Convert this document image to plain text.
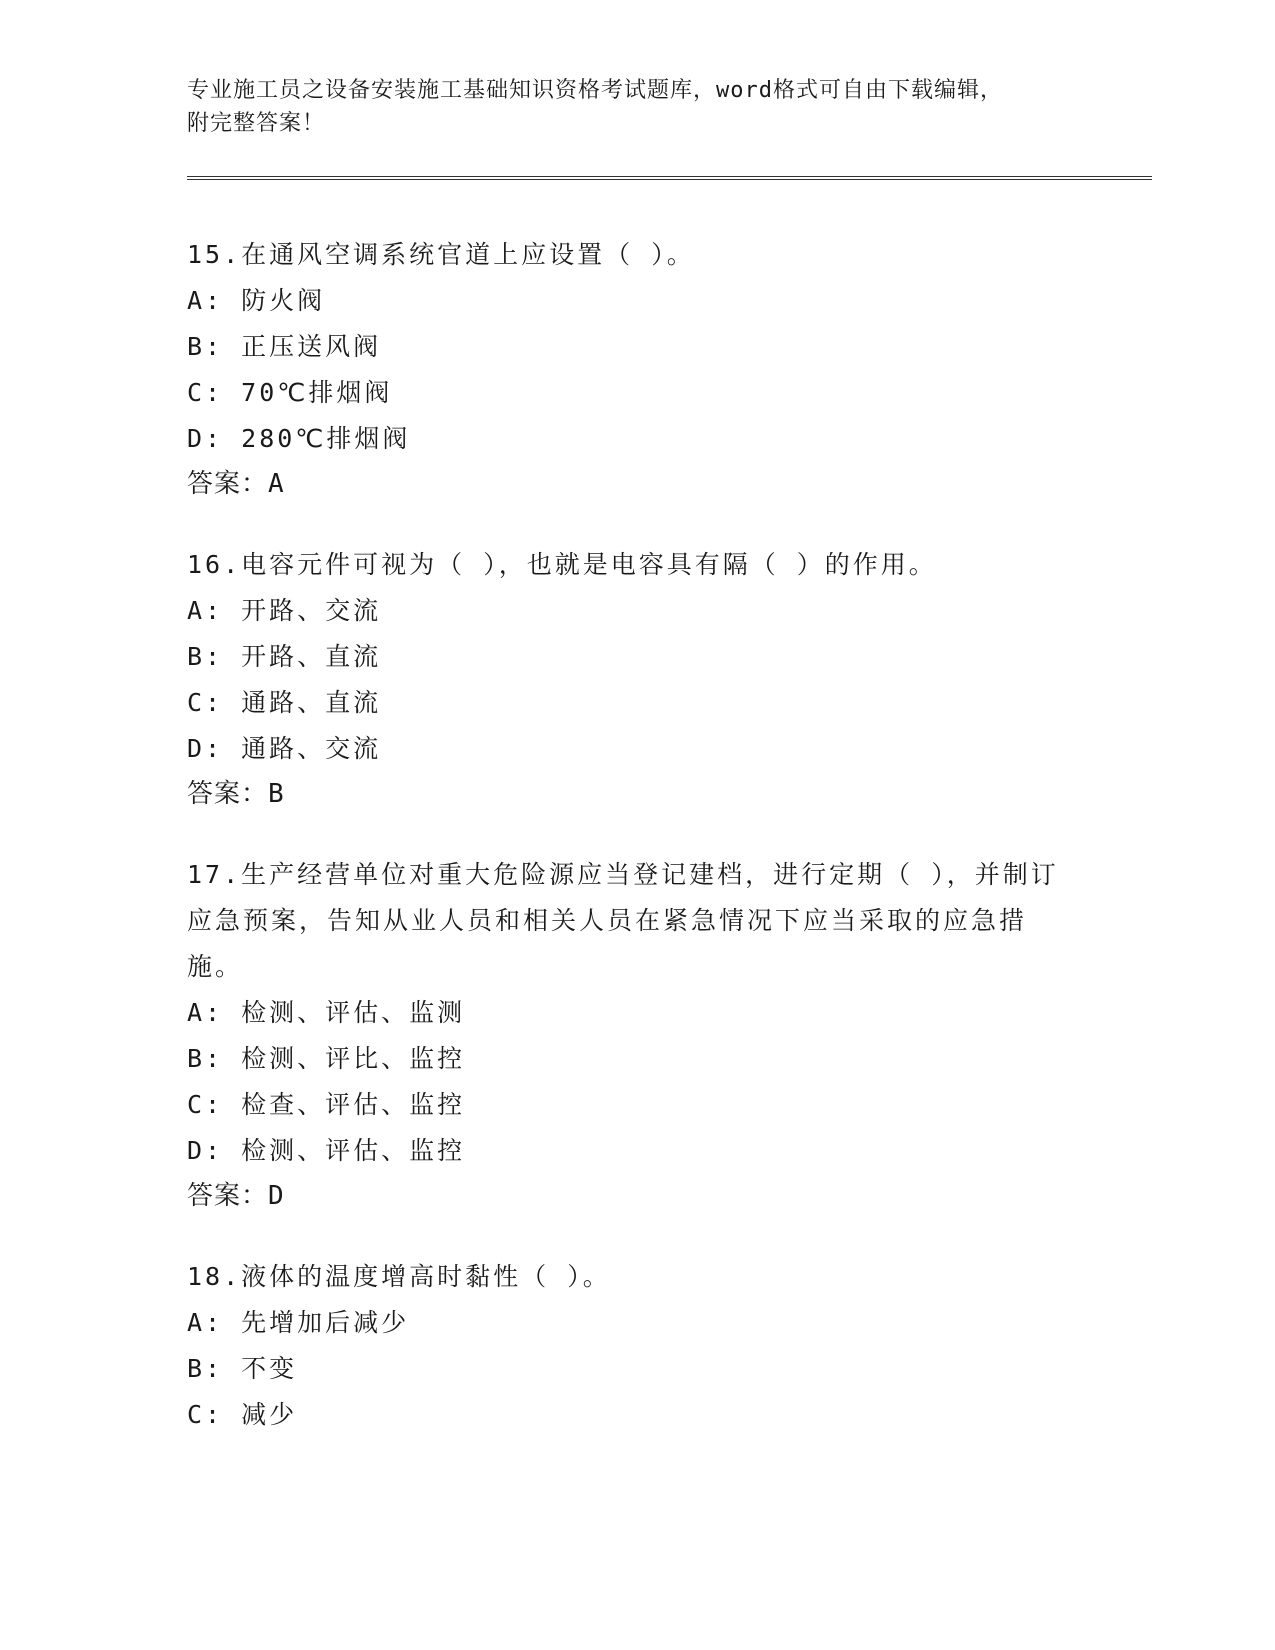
专业施工员之设备安装施工基础知识资格考试题库，word格式可自由下载编辑，
附完整答案！
15.在通风空调系统官道上应设置（ ）。
A: 防火阀
B: 正压送风阀
C: 70℃排烟阀
D: 280℃排烟阀
答案：A
16.电容元件可视为（ ），也就是电容具有隔（ ）的作用。
A: 开路、交流
B: 开路、直流
C: 通路、直流
D: 通路、交流
答案：B
17.生产经营单位对重大危险源应当登记建档，进行定期（ ），并制订应急预案，告知从业人员和相关人员在紧急情况下应当采取的应急措施。
A: 检测、评估、监测
B: 检测、评比、监控
C: 检查、评估、监控
D: 检测、评估、监控
答案：D
18.液体的温度增高时黏性（ ）。
A: 先增加后减少
B: 不变
C: 减少
